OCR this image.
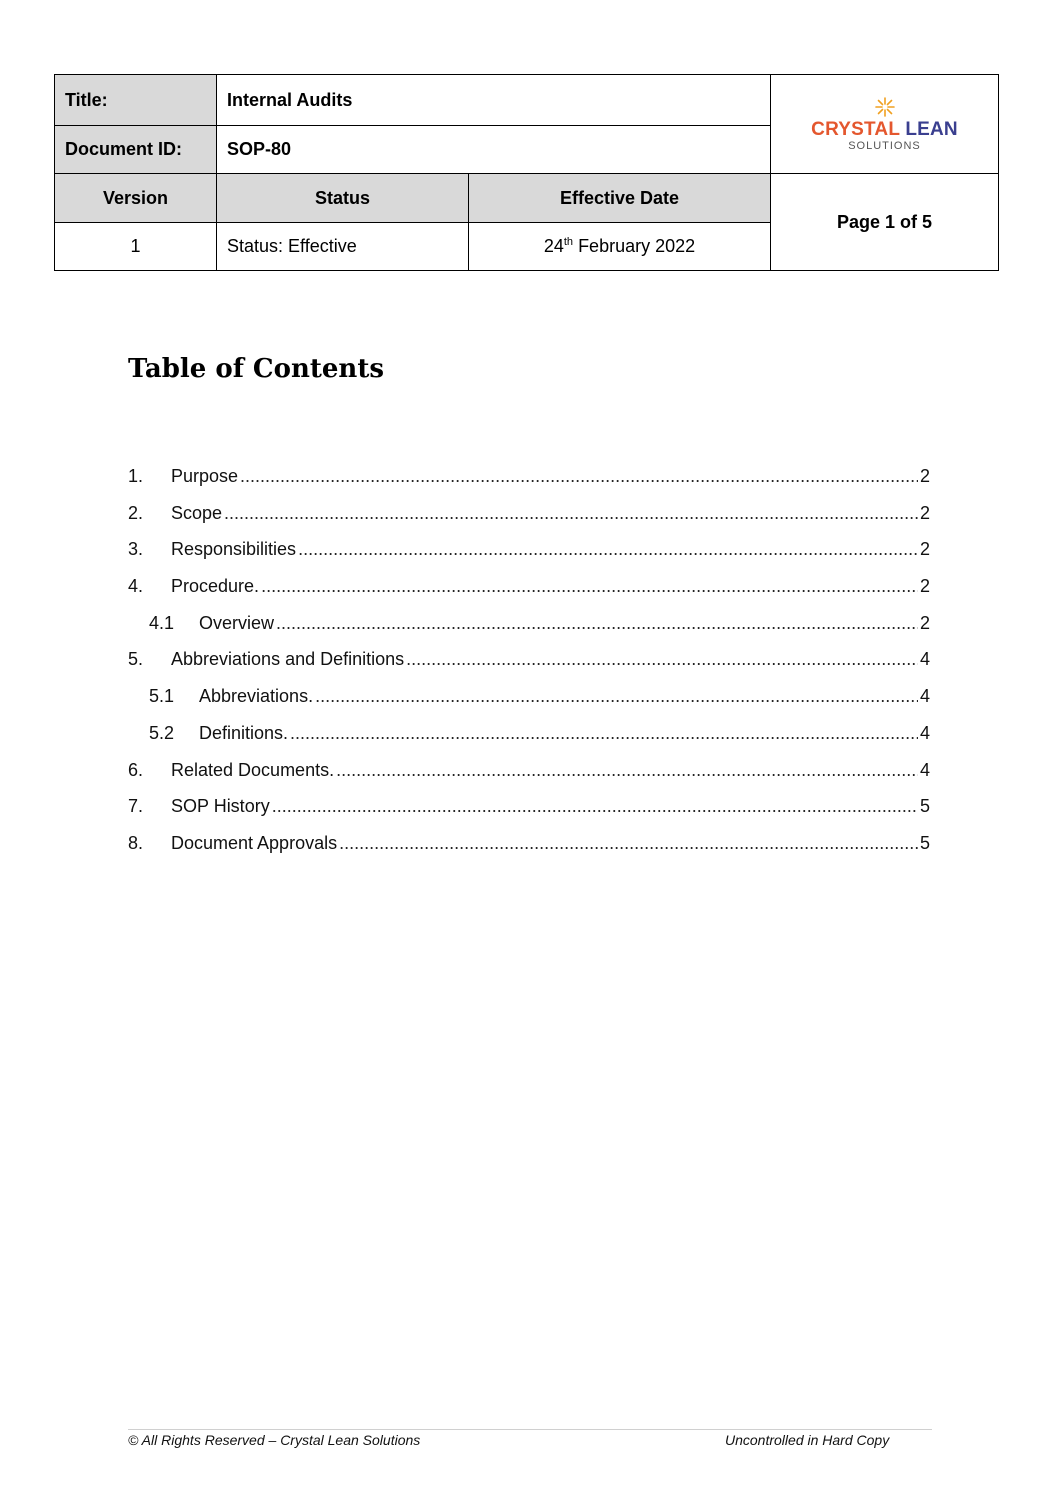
Title:	Internal Audits		CRYSTAL LEAN
SOLUTIONS

Document ID:	SOP-80		
Version	Status	Effective Date	Page 1 of 5
1	Status: Effective	24th February 2022	
Table of Contents
1.	Purpose .....	2
2.	Scope .....	2
3.	Responsibilities .....	2
4.	Procedure. .....	2
4.1	Overview .....	2
5.	Abbreviations and Definitions .....	4
5.1	Abbreviations. .....	4
5.2	Definitions. .....	4
6.	Related Documents. .....	4
7.	SOP History .....	5
8.	Document Approvals .....	5
© All Rights Reserved – Crystal Lean Solutions	Uncontrolled in Hard Copy
